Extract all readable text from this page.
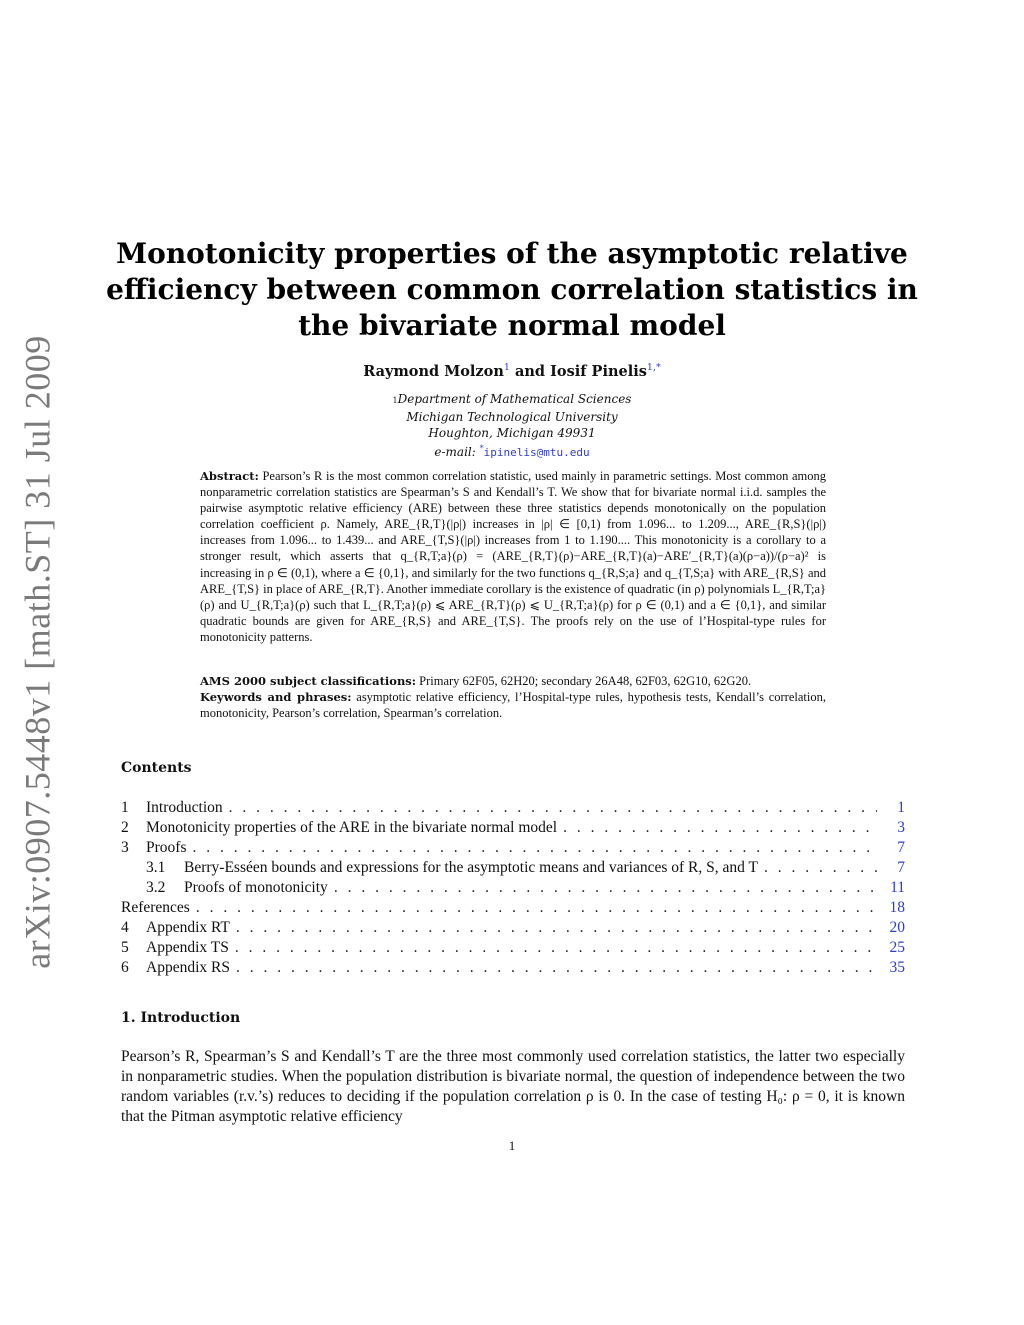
arXiv:0907.5448v1 [math.ST] 31 Jul 2009
Monotonicity properties of the asymptotic relative efficiency between common correlation statistics in the bivariate normal model
Raymond Molzon$^1$ and Iosif Pinelis$^{1,*}$
1Department of Mathematical Sciences
Michigan Technological University
Houghton, Michigan 49931
e-mail: *ipinelis@mtu.edu

Abstract: Pearson’s R is the most common correlation statistic, used mainly in parametric settings. Most common among nonparametric correlation statistics are Spearman’s S and Kendall’s T. We show that for bivariate normal i.i.d. samples the pairwise asymptotic relative efficiency (ARE) between these three statistics depends monotonically on the population correlation coefficient ρ. Namely, ARE_{R,T}(|ρ|) increases in |ρ| ∈ [0,1) from 1.096... to 1.209..., ARE_{R,S}(|ρ|) increases from 1.096... to 1.439... and ARE_{T,S}(|ρ|) increases from 1 to 1.190.... This monotonicity is a corollary to a stronger result, which asserts that q_{R,T;a}(ρ) = (ARE_{R,T}(ρ)−ARE_{R,T}(a)−ARE′_{R,T}(a)(ρ−a))/(ρ−a)² is increasing in ρ ∈ (0,1), where a ∈ {0,1}, and similarly for the two functions q_{R,S;a} and q_{T,S;a} with ARE_{R,S} and ARE_{T,S} in place of ARE_{R,T}. Another immediate corollary is the existence of quadratic (in ρ) polynomials L_{R,T;a}(ρ) and U_{R,T;a}(ρ) such that L_{R,T;a}(ρ) ⩽ ARE_{R,T}(ρ) ⩽ U_{R,T;a}(ρ) for ρ ∈ (0,1) and a ∈ {0,1}, and similar quadratic bounds are given for ARE_{R,S} and ARE_{T,S}. The proofs rely on the use of l’Hospital-type rules for monotonicity patterns.

AMS 2000 subject classifications: Primary 62F05, 62H20; secondary 26A48, 62F03, 62G10, 62G20.

Keywords and phrases: asymptotic relative efficiency, l’Hospital-type rules, hypothesis tests, Kendall’s correlation, monotonicity, Pearson’s correlation, Spearman’s correlation.

Contents
1	Introduction . . .	1
2	Monotonicity properties of the ARE in the bivariate normal model . . .	3
3	Proofs . . .	7
3.1	Berry-Esséen bounds and expressions for the asymptotic means and variances of R, S, and T . . .	7
3.2	Proofs of monotonicity . . .	11
References . . .	18
4	Appendix RT . . .	20
5	Appendix TS . . .	25
6	Appendix RS . . .	35
1. Introduction

Pearson’s R, Spearman’s S and Kendall’s T are the three most commonly used correlation statistics, the latter two especially in nonparametric studies. When the population distribution is bivariate normal, the question of independence between the two random variables (r.v.’s) reduces to deciding if the population correlation ρ is 0. In the case of testing H₀: ρ = 0, it is known that the Pitman asymptotic relative efficiency

1
